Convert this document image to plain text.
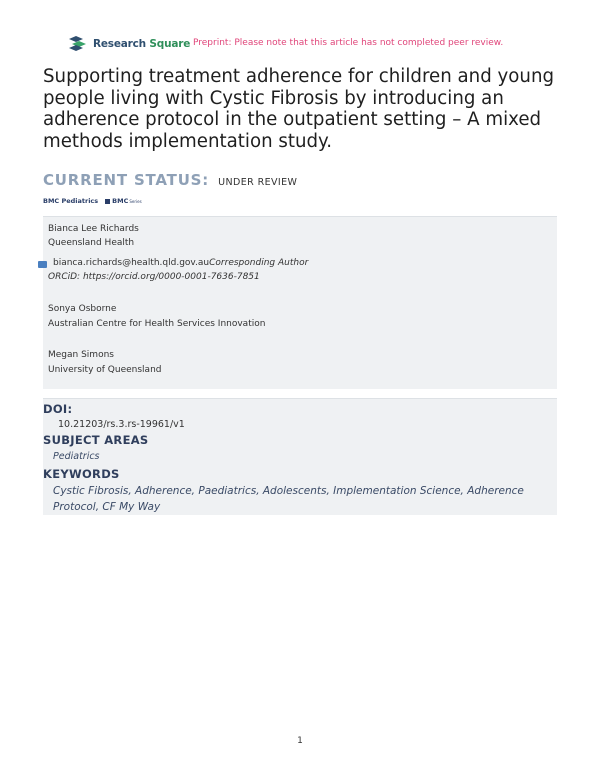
Research Square Preprint: Please note that this article has not completed peer review.
Supporting treatment adherence for children and young people living with Cystic Fibrosis by introducing an adherence protocol in the outpatient setting – A mixed methods implementation study.
CURRENT STATUS: UNDER REVIEW
BMC Pediatrics BMC Series
Bianca Lee Richards
Queensland Health
bianca.richards@health.qld.gov.auCorresponding Author
ORCiD: https://orcid.org/0000-0001-7636-7851
Sonya Osborne
Australian Centre for Health Services Innovation
Megan Simons
University of Queensland
DOI:
10.21203/rs.3.rs-19961/v1
SUBJECT AREAS
Pediatrics
KEYWORDS
Cystic Fibrosis, Adherence, Paediatrics, Adolescents, Implementation Science, Adherence Protocol, CF My Way
1
